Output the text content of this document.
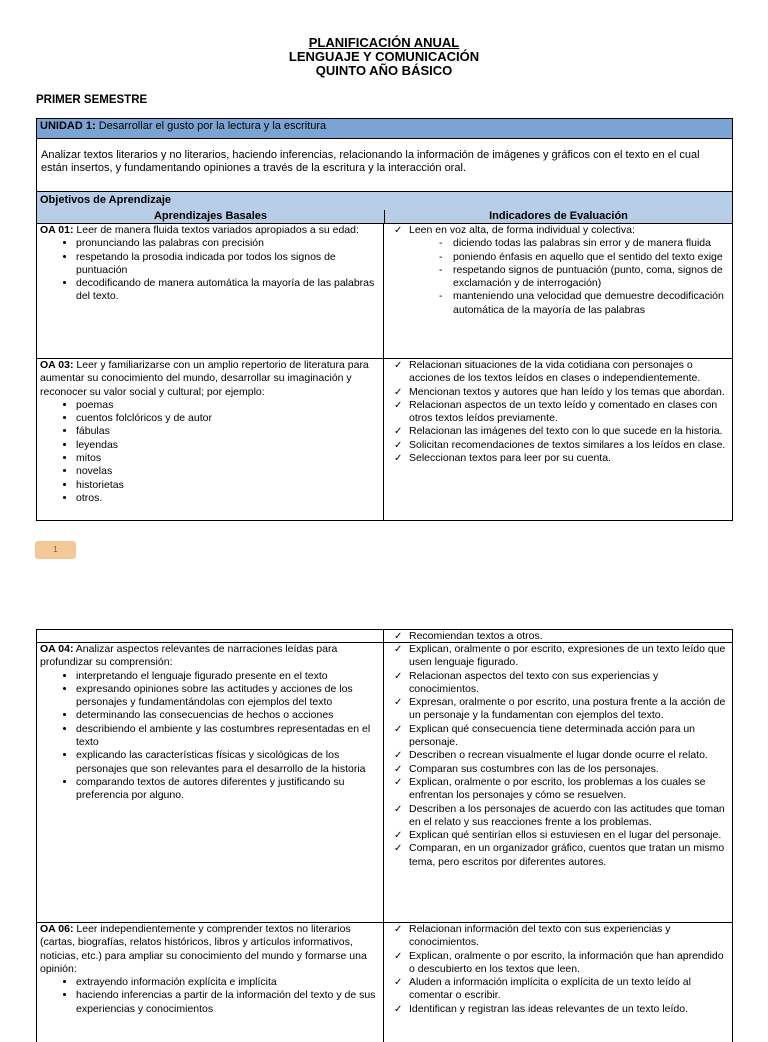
PLANIFICACIÓN ANUAL
LENGUAJE Y COMUNICACIÓN
QUINTO AÑO BÁSICO
PRIMER SEMESTRE
UNIDAD 1: Desarrollar el gusto por la lectura y la escritura
Analizar textos literarios y no literarios, haciendo inferencias, relacionando la información de imágenes y gráficos con el texto en el cual están insertos, y fundamentando opiniones a través de la escritura y la interacción oral.
Objetivos de Aprendizaje
Aprendizajes Basales	Indicadores de Evaluación
OA 01: Leer de manera fluida textos variados apropiados a su edad:
• pronunciando las palabras con precisión
• respetando la prosodia indicada por todos los signos de puntuación
• decodificando de manera automática la mayoría de las palabras del texto.
✓ Leen en voz alta, de forma individual y colectiva:
- diciendo todas las palabras sin error y de manera fluida
- poniendo énfasis en aquello que el sentido del texto exige
- respetando signos de puntuación (punto, coma, signos de exclamación y de interrogación)
- manteniendo una velocidad que demuestre decodificación automática de la mayoría de las palabras
OA 03: Leer y familiarizarse con un amplio repertorio de literatura para aumentar su conocimiento del mundo, desarrollar su imaginación y reconocer su valor social y cultural; por ejemplo:
• poemas
• cuentos folclóricos y de autor
• fábulas
• leyendas
• mitos
• novelas
• historietas
• otros.
✓ Relacionan situaciones de la vida cotidiana con personajes o acciones de los textos leídos en clases o independientemente.
✓ Mencionan textos y autores que han leído y los temas que abordan.
✓ Relacionan aspectos de un texto leído y comentado en clases con otros textos leídos previamente.
✓ Relacionan las imágenes del texto con lo que sucede en la historia.
✓ Solicitan recomendaciones de textos similares a los leídos en clase.
✓ Seleccionan textos para leer por su cuenta.
1
✓ Recomiendan textos a otros.
OA 04: Analizar aspectos relevantes de narraciones leídas para profundizar su comprensión:
• interpretando el lenguaje figurado presente en el texto
• expresando opiniones sobre las actitudes y acciones de los personajes y fundamentándolas con ejemplos del texto
• determinando las consecuencias de hechos o acciones
• describiendo el ambiente y las costumbres representadas en el texto
• explicando las características físicas y sicológicas de los personajes que son relevantes para el desarrollo de la historia
• comparando textos de autores diferentes y justificando su preferencia por alguno.
✓ Explican, oralmente o por escrito, expresiones de un texto leído que usen lenguaje figurado.
✓ Relacionan aspectos del texto con sus experiencias y conocimientos.
✓ Expresan, oralmente o por escrito, una postura frente a la acción de un personaje y la fundamentan con ejemplos del texto.
✓ Explican qué consecuencia tiene determinada acción para un personaje.
✓ Describen o recrean visualmente el lugar donde ocurre el relato.
✓ Comparan sus costumbres con las de los personajes.
✓ Explican, oralmente o por escrito, los problemas a los cuales se enfrentan los personajes y cómo se resuelven.
✓ Describen a los personajes de acuerdo con las actitudes que toman en el relato y sus reacciones frente a los problemas.
✓ Explican qué sentirían ellos si estuviesen en el lugar del personaje.
✓ Comparan, en un organizador gráfico, cuentos que tratan un mismo tema, pero escritos por diferentes autores.
OA 06: Leer independientemente y comprender textos no literarios (cartas, biografías, relatos históricos, libros y artículos informativos, noticias, etc.) para ampliar su conocimiento del mundo y formarse una opinión:
• extrayendo información explícita e implícita
• haciendo inferencias a partir de la información del texto y de sus experiencias y conocimientos
✓ Relacionan información del texto con sus experiencias y conocimientos.
✓ Explican, oralmente o por escrito, la información que han aprendido o descubierto en los textos que leen.
✓ Aluden a información implícita o explícita de un texto leído al comentar o escribir.
✓ Identifican y registran las ideas relevantes de un texto leído.
